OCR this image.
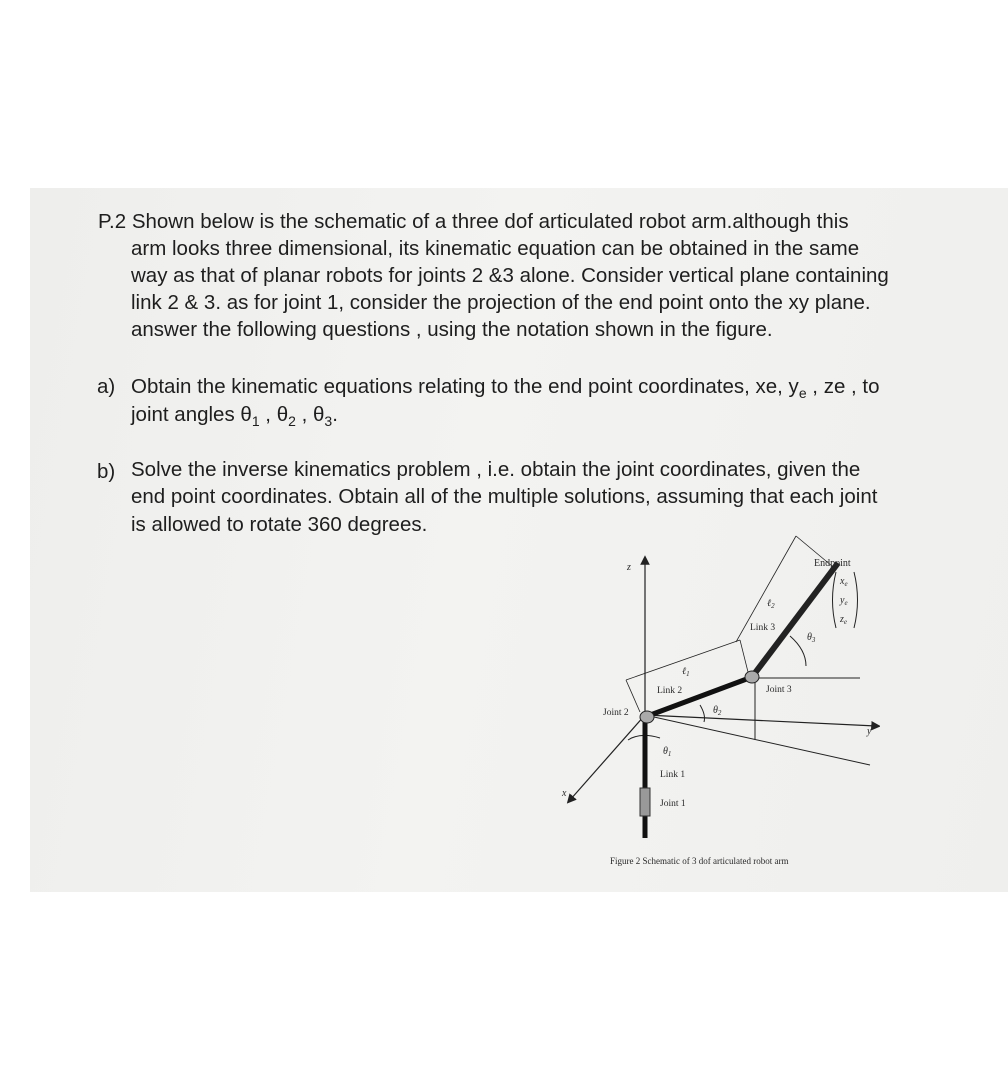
P.2 Shown below is the schematic of a three dof articulated robot arm.although this
arm looks three dimensional, its kinematic equation can be obtained in the same
way as that of planar robots for joints 2 &3 alone. Consider vertical plane containing
link 2 & 3. as for joint 1, consider the projection of the end point onto the xy plane.
answer the following questions , using the notation shown in the figure.
a) Obtain the kinematic equations relating to the end point coordinates, xe, $y_e$ , ze , to
joint angles $\theta_1$ , $\theta_2$ , $\theta_3$.
b) Solve the inverse kinematics problem , i.e. obtain the joint coordinates, given the
end point coordinates. Obtain all of the multiple solutions, assuming that each joint
is allowed to rotate 360 degrees.
z
x
y
Joint 2
Joint 3
Joint 1
Link 1
Link 2
Link 3
Endpoint
ℓ$_1$
ℓ$_2$
$\theta_1$
$\theta_2$
$\theta_3$
$x_e$
$y_e$
$z_e$
Figure 2 Schematic of 3 dof articulated robot arm
